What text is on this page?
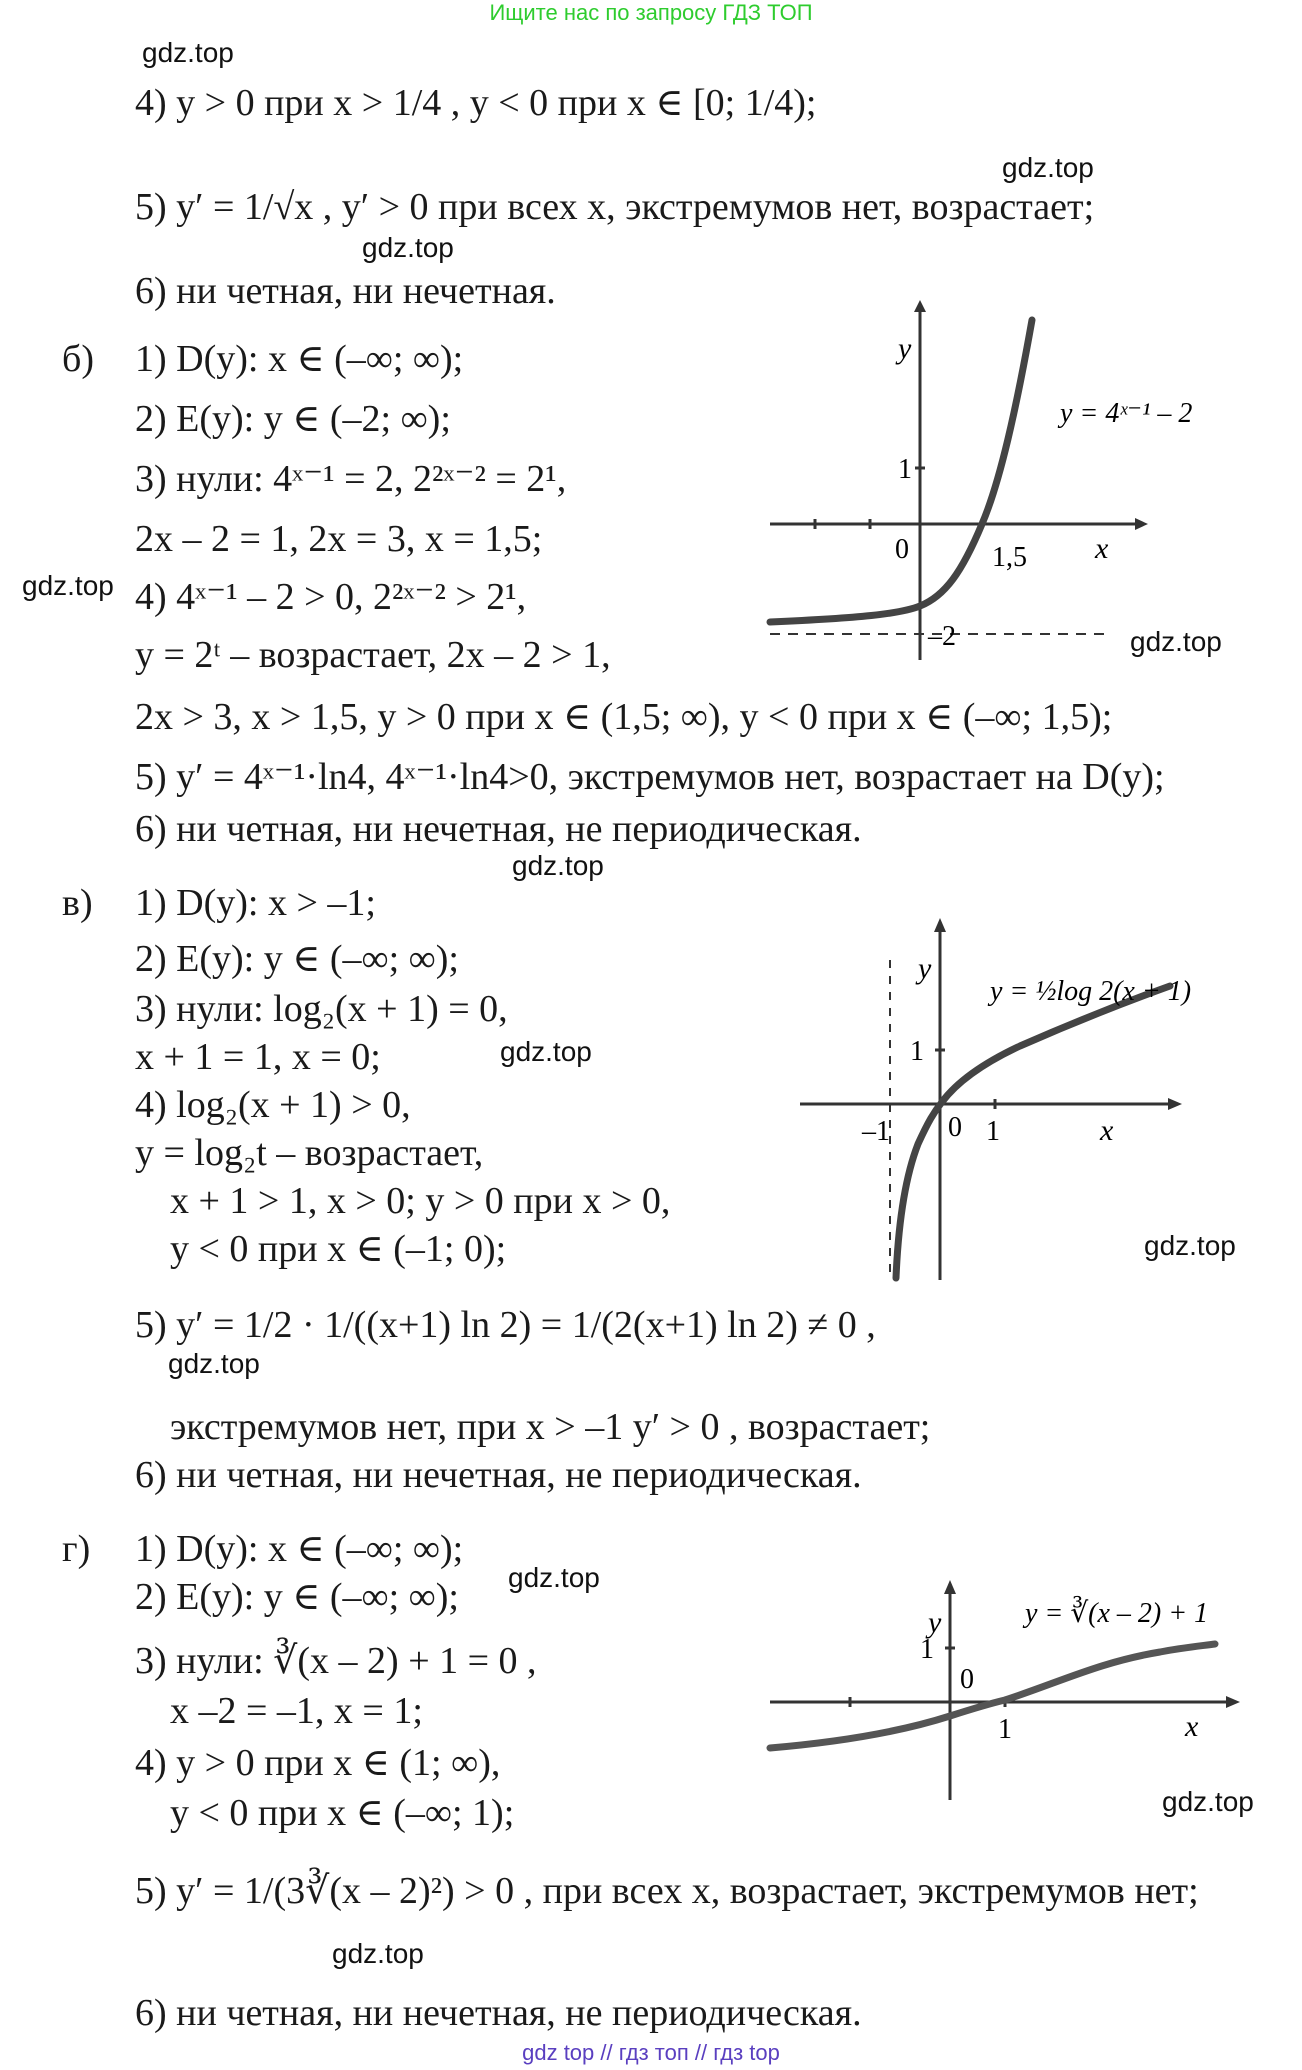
Ищите нас по запросу ГДЗ ТОП
gdz.top
gdz.top
gdz.top
gdz.top
gdz.top
gdz.top
gdz.top
gdz.top
gdz.top
gdz.top
gdz.top
gdz.top
4) y > 0 при x > 1/4 , y < 0 при x ∈ [0; 1/4);
5) y′ = 1/√x , y′ > 0 при всех x, экстремумов нет, возрастает;
6) ни четная, ни нечетная.
б) 1) D(y): x ∈ (–∞; ∞);
2) E(y): y ∈ (–2; ∞);
3) нули: 4ˣ⁻¹ = 2, 2²ˣ⁻² = 2¹,
2x – 2 = 1, 2x = 3, x = 1,5;
4) 4ˣ⁻¹ – 2 > 0, 2²ˣ⁻² > 2¹,
y = 2ᵗ – возрастает, 2x – 2 > 1,
2x > 3, x > 1,5, y > 0 при x ∈ (1,5; ∞), y < 0 при x ∈ (–∞; 1,5);
5) y′ = 4ˣ⁻¹·ln4, 4ˣ⁻¹·ln4>0, экстремумов нет, возрастает на D(y);
6) ни четная, ни нечетная, не периодическая.
y
x
0
1
1,5
–2
y = 4ˣ⁻¹ – 2
в) 1) D(y): x > –1;
2) E(y): y ∈ (–∞; ∞);
3) нули: log₂(x + 1) = 0,
x + 1 = 1, x = 0;
4) log₂(x + 1) > 0,
y = log₂t – возрастает,
x + 1 > 1, x > 0; y > 0 при x > 0,
y < 0 при x ∈ (–1; 0);
5) y′ = 1/2 · 1/((x+1) ln 2) = 1/(2(x+1) ln 2) ≠ 0 ,
экстремумов нет, при x > –1 y′ > 0 , возрастает;
6) ни четная, ни нечетная, не периодическая.
y
x
0 1
1
–1
y = ½log 2(x + 1)
г) 1) D(y): x ∈ (–∞; ∞);
2) E(y): y ∈ (–∞; ∞);
3) нули: ∛(x – 2) + 1 = 0 ,
x –2 = –1, x = 1;
4) y > 0 при x ∈ (1; ∞),
y < 0 при x ∈ (–∞; 1);
5) y′ = 1/(3∛(x – 2)²) > 0 , при всех x, возрастает, экстремумов нет;
6) ни четная, ни нечетная, не периодическая.
y
x
0
1
1
y = ∛(x – 2) + 1
gdz top // гдз топ // гдз top
